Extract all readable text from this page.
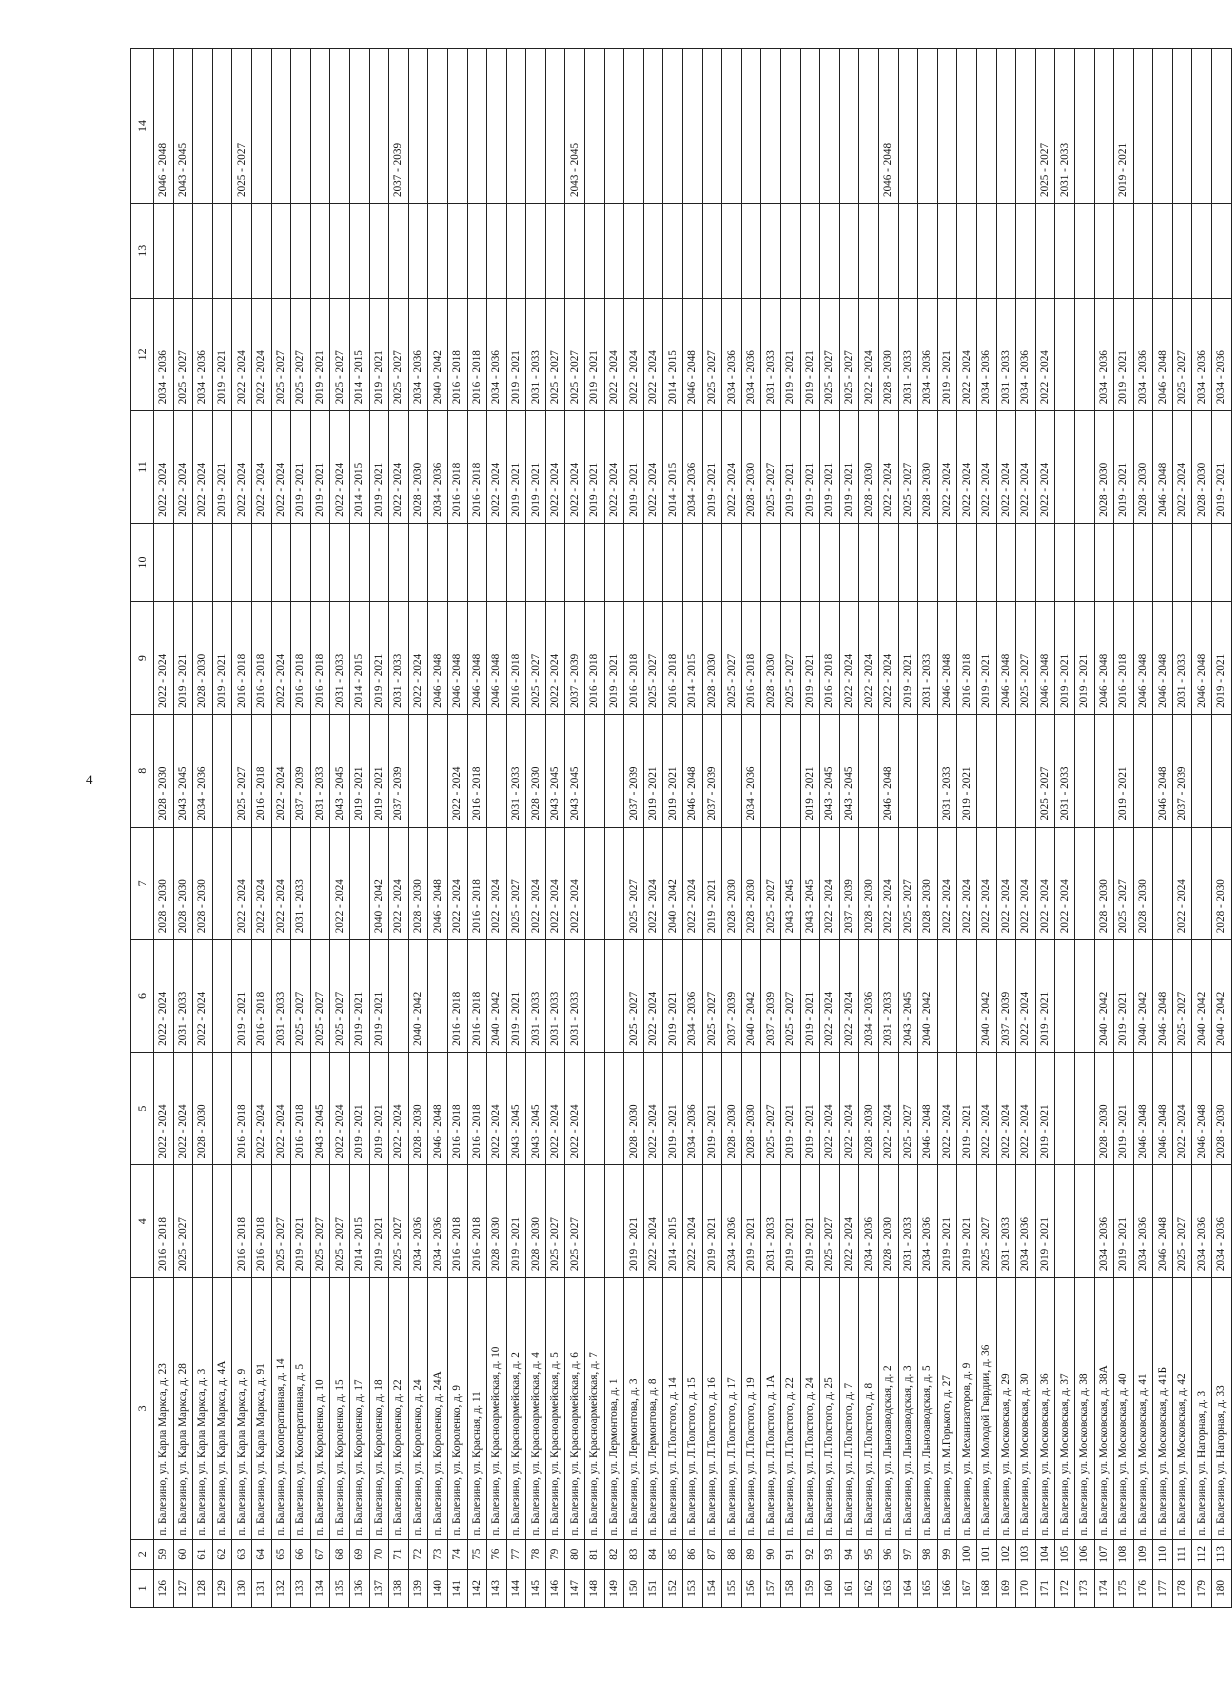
4
1	2	3	4	5	6	7	8	9	10	11	12	13	14
126	59	п. Балезино, ул. Карла Маркса, д. 23	2016 - 2018	2022 - 2024	2022 - 2024	2028 - 2030	2028 - 2030	2022 - 2024		2022 - 2024	2034 - 2036		2046 - 2048
127	60	п. Балезино, ул. Карла Маркса, д. 28	2025 - 2027	2022 - 2024	2031 - 2033	2028 - 2030	2043 - 2045	2019 - 2021		2022 - 2024	2025 - 2027		2043 - 2045
128	61	п. Балезино, ул. Карла Маркса, д. 3		2028 - 2030	2022 - 2024	2028 - 2030	2034 - 2036	2028 - 2030		2022 - 2024	2034 - 2036		
129	62	п. Балезино, ул. Карла Маркса, д. 4А						2019 - 2021		2019 - 2021	2019 - 2021		
130	63	п. Балезино, ул. Карла Маркса, д. 9	2016 - 2018	2016 - 2018	2019 - 2021	2022 - 2024	2025 - 2027	2016 - 2018		2022 - 2024	2022 - 2024		2025 - 2027
131	64	п. Балезино, ул. Карла Маркса, д. 91	2016 - 2018	2022 - 2024	2016 - 2018	2022 - 2024	2016 - 2018	2016 - 2018		2022 - 2024	2022 - 2024		
132	65	п. Балезино, ул. Кооперативная, д. 14	2025 - 2027	2022 - 2024	2031 - 2033	2022 - 2024	2022 - 2024	2022 - 2024		2022 - 2024	2025 - 2027		
133	66	п. Балезино, ул. Кооперативная, д. 5	2019 - 2021	2016 - 2018	2025 - 2027	2031 - 2033	2037 - 2039	2016 - 2018		2019 - 2021	2025 - 2027		
134	67	п. Балезино, ул. Короленко, д. 10	2025 - 2027	2043 - 2045	2025 - 2027		2031 - 2033	2016 - 2018		2019 - 2021	2019 - 2021		
135	68	п. Балезино, ул. Короленко, д. 15	2025 - 2027	2022 - 2024	2025 - 2027	2022 - 2024	2043 - 2045	2031 - 2033		2022 - 2024	2025 - 2027		
136	69	п. Балезино, ул. Короленко, д. 17	2014 - 2015	2019 - 2021	2019 - 2021		2019 - 2021	2014 - 2015		2014 - 2015	2014 - 2015		
137	70	п. Балезино, ул. Короленко, д. 18	2019 - 2021	2019 - 2021	2019 - 2021	2040 - 2042	2019 - 2021	2019 - 2021		2019 - 2021	2019 - 2021		
138	71	п. Балезино, ул. Короленко, д. 22	2025 - 2027	2022 - 2024		2022 - 2024	2037 - 2039	2031 - 2033		2022 - 2024	2025 - 2027		2037 - 2039
139	72	п. Балезино, ул. Короленко, д. 24	2034 - 2036	2028 - 2030	2040 - 2042	2028 - 2030		2022 - 2024		2028 - 2030	2034 - 2036		
140	73	п. Балезино, ул. Короленко, д. 24А	2034 - 2036	2046 - 2048		2046 - 2048		2046 - 2048		2034 - 2036	2040 - 2042		
141	74	п. Балезино, ул. Короленко, д. 9	2016 - 2018	2016 - 2018	2016 - 2018	2022 - 2024	2022 - 2024	2046 - 2048		2016 - 2018	2016 - 2018		
142	75	п. Балезино, ул. Красная, д. 11	2016 - 2018	2016 - 2018	2016 - 2018	2016 - 2018	2016 - 2018	2046 - 2048		2016 - 2018	2016 - 2018		
143	76	п. Балезино, ул. Красноармейская, д. 10	2028 - 2030	2022 - 2024	2040 - 2042	2022 - 2024		2046 - 2048		2022 - 2024	2034 - 2036		
144	77	п. Балезино, ул. Красноармейская, д. 2	2019 - 2021	2043 - 2045	2019 - 2021	2025 - 2027	2031 - 2033	2016 - 2018		2019 - 2021	2019 - 2021		
145	78	п. Балезино, ул. Красноармейская, д. 4	2028 - 2030	2043 - 2045	2031 - 2033	2022 - 2024	2028 - 2030	2025 - 2027		2019 - 2021	2031 - 2033		
146	79	п. Балезино, ул. Красноармейская, д. 5	2025 - 2027	2022 - 2024	2031 - 2033	2022 - 2024	2043 - 2045	2022 - 2024		2022 - 2024	2025 - 2027		
147	80	п. Балезино, ул. Красноармейская, д. 6	2025 - 2027	2022 - 2024	2031 - 2033	2022 - 2024	2043 - 2045	2037 - 2039		2022 - 2024	2025 - 2027		2043 - 2045
148	81	п. Балезино, ул. Красноармейская, д. 7						2016 - 2018		2019 - 2021	2019 - 2021		
149	82	п. Балезино, ул. Лермонтова, д. 1						2019 - 2021		2022 - 2024	2022 - 2024		
150	83	п. Балезино, ул. Лермонтова, д. 3	2019 - 2021	2028 - 2030	2025 - 2027	2025 - 2027	2037 - 2039	2016 - 2018		2019 - 2021	2022 - 2024		
151	84	п. Балезино, ул. Лермонтова, д. 8	2022 - 2024	2022 - 2024	2022 - 2024	2022 - 2024	2019 - 2021	2025 - 2027		2022 - 2024	2022 - 2024		
152	85	п. Балезино, ул. Л.Толстого, д. 14	2014 - 2015	2019 - 2021	2019 - 2021	2040 - 2042	2019 - 2021	2016 - 2018		2014 - 2015	2014 - 2015		
153	86	п. Балезино, ул. Л.Толстого, д. 15	2022 - 2024	2034 - 2036	2034 - 2036	2022 - 2024	2046 - 2048	2014 - 2015		2034 - 2036	2046 - 2048		
154	87	п. Балезино, ул. Л.Толстого, д. 16	2019 - 2021	2019 - 2021	2025 - 2027	2019 - 2021	2037 - 2039	2028 - 2030		2019 - 2021	2025 - 2027		
155	88	п. Балезино, ул. Л.Толстого, д. 17	2034 - 2036	2028 - 2030	2037 - 2039	2028 - 2030		2025 - 2027		2022 - 2024	2034 - 2036		
156	89	п. Балезино, ул. Л.Толстого, д. 19	2019 - 2021	2028 - 2030	2040 - 2042	2028 - 2030	2034 - 2036	2016 - 2018		2028 - 2030	2034 - 2036		
157	90	п. Балезино, ул. Л.Толстого, д. 1А	2031 - 2033	2025 - 2027	2037 - 2039	2025 - 2027		2028 - 2030		2025 - 2027	2031 - 2033		
158	91	п. Балезино, ул. Л.Толстого, д. 22	2019 - 2021	2019 - 2021	2025 - 2027	2043 - 2045		2025 - 2027		2019 - 2021	2019 - 2021		
159	92	п. Балезино, ул. Л.Толстого, д. 24	2019 - 2021	2019 - 2021	2019 - 2021	2043 - 2045	2019 - 2021	2019 - 2021		2019 - 2021	2019 - 2021		
160	93	п. Балезино, ул. Л.Толстого, д. 25	2025 - 2027	2022 - 2024	2022 - 2024	2022 - 2024	2043 - 2045	2016 - 2018		2019 - 2021	2025 - 2027		
161	94	п. Балезино, ул. Л.Толстого, д. 7	2022 - 2024	2022 - 2024	2022 - 2024	2037 - 2039	2043 - 2045	2022 - 2024		2019 - 2021	2025 - 2027		
162	95	п. Балезино, ул. Л.Толстого, д. 8	2034 - 2036	2028 - 2030	2034 - 2036	2028 - 2030		2022 - 2024		2028 - 2030	2022 - 2024		
163	96	п. Балезино, ул. Льнозаводская, д. 2	2028 - 2030	2022 - 2024	2031 - 2033	2022 - 2024	2046 - 2048	2022 - 2024		2022 - 2024	2028 - 2030		2046 - 2048
164	97	п. Балезино, ул. Льнозаводская, д. 3	2031 - 2033	2025 - 2027	2043 - 2045	2025 - 2027		2019 - 2021		2025 - 2027	2031 - 2033		
165	98	п. Балезино, ул. Льнозаводская, д. 5	2034 - 2036	2046 - 2048	2040 - 2042	2028 - 2030		2031 - 2033		2028 - 2030	2034 - 2036		
166	99	п. Балезино, ул. М.Горького, д. 27	2019 - 2021	2022 - 2024		2022 - 2024	2031 - 2033	2046 - 2048		2022 - 2024	2019 - 2021		
167	100	п. Балезино, ул. Механизаторов, д. 9	2019 - 2021	2019 - 2021		2022 - 2024	2019 - 2021	2016 - 2018		2022 - 2024	2022 - 2024		
168	101	п. Балезино, ул. Молодой Гвардии, д. 36	2025 - 2027	2022 - 2024	2040 - 2042	2022 - 2024		2019 - 2021		2022 - 2024	2034 - 2036		
169	102	п. Балезино, ул. Московская, д. 29	2031 - 2033	2022 - 2024	2037 - 2039	2022 - 2024		2046 - 2048		2022 - 2024	2031 - 2033		
170	103	п. Балезино, ул. Московская, д. 30	2034 - 2036	2022 - 2024	2022 - 2024	2022 - 2024		2025 - 2027		2022 - 2024	2034 - 2036		
171	104	п. Балезино, ул. Московская, д. 36	2019 - 2021	2019 - 2021	2019 - 2021	2022 - 2024	2025 - 2027	2046 - 2048		2022 - 2024	2022 - 2024		2025 - 2027
172	105	п. Балезино, ул. Московская, д. 37				2022 - 2024	2031 - 2033	2019 - 2021					2031 - 2033
173	106	п. Балезино, ул. Московская, д. 38						2019 - 2021					
174	107	п. Балезино, ул. Московская, д. 38А	2034 - 2036	2028 - 2030	2040 - 2042	2028 - 2030		2046 - 2048		2028 - 2030	2034 - 2036		
175	108	п. Балезино, ул. Московская, д. 40	2019 - 2021	2019 - 2021	2019 - 2021	2025 - 2027	2019 - 2021	2016 - 2018		2019 - 2021	2019 - 2021		2019 - 2021
176	109	п. Балезино, ул. Московская, д. 41	2034 - 2036	2046 - 2048	2040 - 2042	2028 - 2030		2046 - 2048		2028 - 2030	2034 - 2036		
177	110	п. Балезино, ул. Московская, д. 41Б	2046 - 2048	2046 - 2048	2046 - 2048		2046 - 2048	2046 - 2048		2046 - 2048	2046 - 2048		
178	111	п. Балезино, ул. Московская, д. 42	2025 - 2027	2022 - 2024	2025 - 2027	2022 - 2024	2037 - 2039	2031 - 2033		2022 - 2024	2025 - 2027		
179	112	п. Балезино, ул. Нагорная, д. 3	2034 - 2036	2046 - 2048	2040 - 2042			2046 - 2048		2028 - 2030	2034 - 2036		
180	113	п. Балезино, ул. Нагорная, д. 33	2034 - 2036	2028 - 2030	2040 - 2042	2028 - 2030		2019 - 2021		2019 - 2021	2034 - 2036		
